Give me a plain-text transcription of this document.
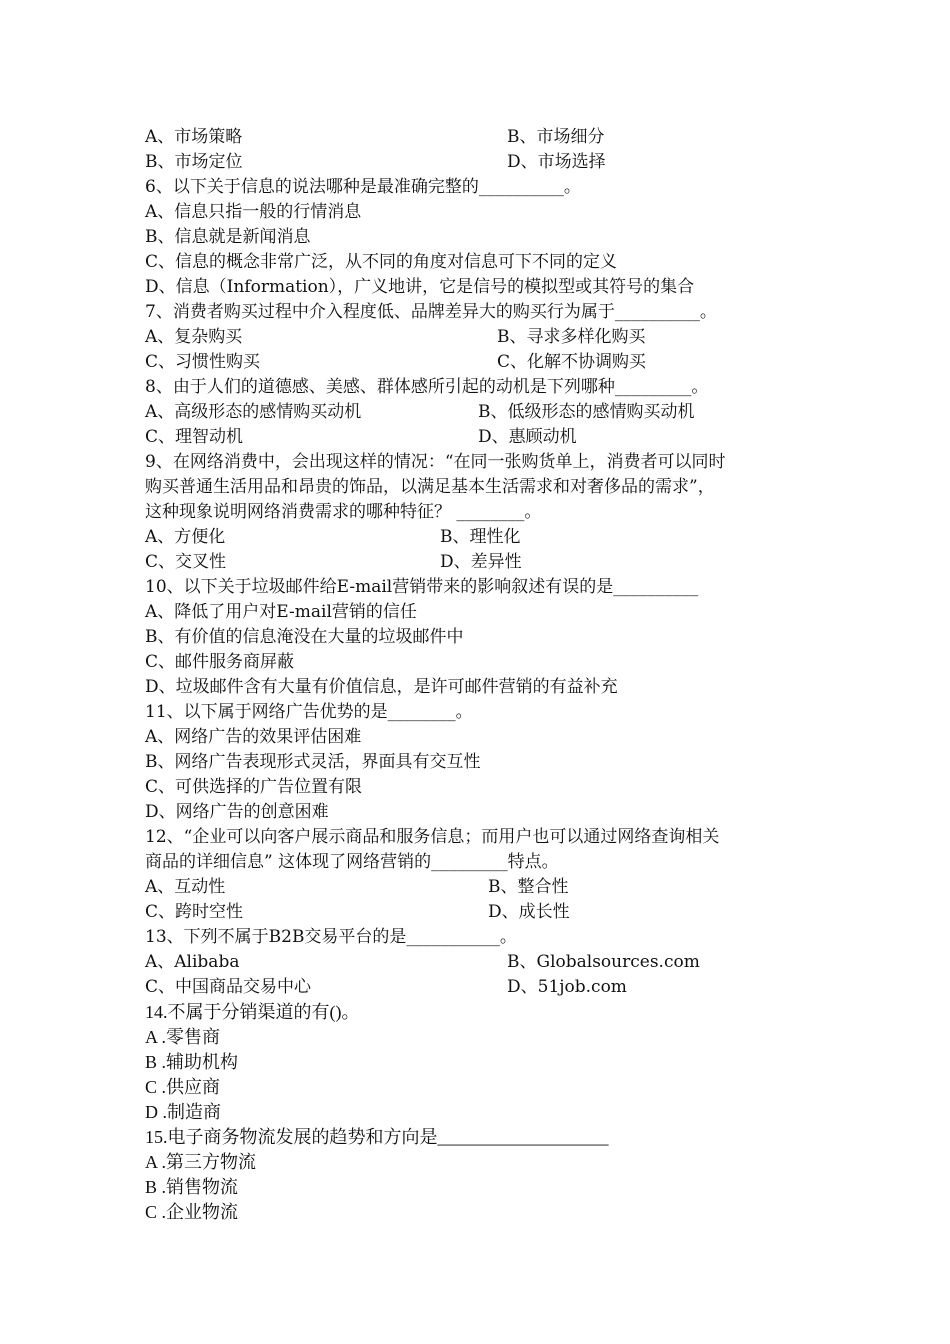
A、市场策略	B、市场细分
B、市场定位	D、市场选择
6、以下关于信息的说法哪种是最准确完整的__________。
A、信息只指一般的行情消息
B、信息就是新闻消息
C、信息的概念非常广泛，从不同的角度对信息可下不同的定义
D、信息（Information），广义地讲，它是信号的模拟型或其符号的集合
7、消费者购买过程中介入程度低、品牌差异大的购买行为属于__________。
A、复杂购买	B、寻求多样化购买
C、习惯性购买	C、化解不协调购买
8、由于人们的道德感、美感、群体感所引起的动机是下列哪种_________。
A、高级形态的感情购买动机	B、低级形态的感情购买动机
C、理智动机	D、惠顾动机
9、在网络消费中，会出现这样的情况：“在同一张购货单上，消费者可以同时
购买普通生活用品和昂贵的饰品，以满足基本生活需求和对奢侈品的需求”，
这种现象说明网络消费需求的哪种特征？ ________。
A、方便化	B、理性化
C、交叉性	D、差异性
10、以下关于垃圾邮件给E-mail营销带来的影响叙述有误的是__________
A、降低了用户对E-mail营销的信任
B、有价值的信息淹没在大量的垃圾邮件中
C、邮件服务商屏蔽
D、垃圾邮件含有大量有价值信息，是许可邮件营销的有益补充
11、以下属于网络广告优势的是________。
A、网络广告的效果评估困难
B、网络广告表现形式灵活，界面具有交互性
C、可供选择的广告位置有限
D、网络广告的创意困难
12、“企业可以向客户展示商品和服务信息；而用户也可以通过网络查询相关
商品的详细信息” 这体现了网络营销的_________特点。
A、互动性	B、整合性
C、跨时空性	D、成长性
13、下列不属于B2B交易平台的是___________。
A、Alibaba	B、Globalsources.com
C、中国商品交易中心	D、51job.com
14.不属于分销渠道的有()。
A .零售商
B .辅助机构
C .供应商
D .制造商
15.电子商务物流发展的趋势和方向是___________________
A .第三方物流
B .销售物流
C .企业物流
